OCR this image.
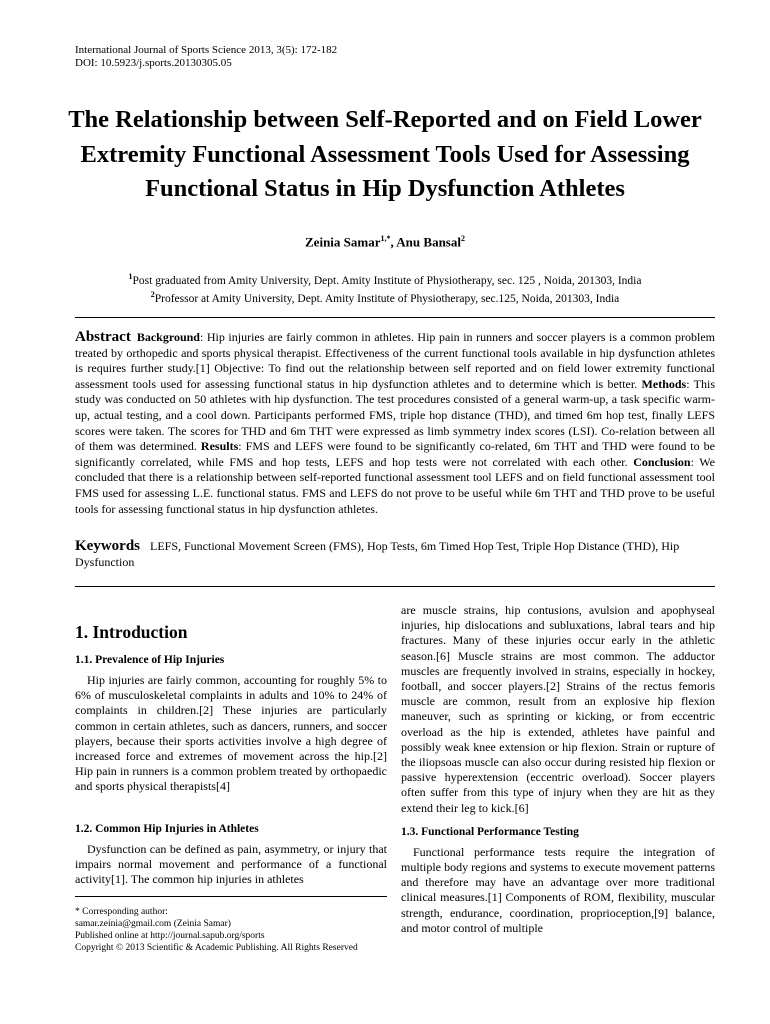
International Journal of Sports Science 2013, 3(5): 172-182
DOI: 10.5923/j.sports.20130305.05
The Relationship between Self-Reported and on Field Lower Extremity Functional Assessment Tools Used for Assessing Functional Status in Hip Dysfunction Athletes
Zeinia Samar$^{1,*}$, Anu Bansal$^2$
$^1$Post graduated from Amity University, Dept. Amity Institute of Physiotherapy, sec. 125 , Noida, 201303, India
$^2$Professor at Amity University, Dept. Amity Institute of Physiotherapy, sec.125, Noida, 201303, India
Abstract Background: Hip injuries are fairly common in athletes. Hip pain in runners and soccer players is a common problem treated by orthopedic and sports physical therapist. Effectiveness of the current functional tools available in hip dysfunction athletes is requires further study.[1] Objective: To find out the relationship between self reported and on field lower extremity functional assessment tools used for assessing functional status in hip dysfunction athletes and to determine which is better. Methods: This study was conducted on 50 athletes with hip dysfunction. The test procedures consisted of a general warm-up, a task specific warm-up, actual testing, and a cool down. Participants performed FMS, triple hop distance (THD), and timed 6m hop test, finally LEFS scores were taken. The scores for THD and 6m THT were expressed as limb symmetry index scores (LSI). Co-relation between all of them was determined. Results: FMS and LEFS were found to be significantly co-related, 6m THT and THD were found to be significantly correlated, while FMS and hop tests, LEFS and hop tests were not correlated with each other. Conclusion: We concluded that there is a relationship between self-reported functional assessment tool LEFS and on field functional assessment tool FMS used for assessing L.E. functional status. FMS and LEFS do not prove to be useful while 6m THT and THD prove to be useful tools for assessing functional status in hip dysfunction athletes.
Keywords LEFS, Functional Movement Screen (FMS), Hop Tests, 6m Timed Hop Test, Triple Hop Distance (THD), Hip Dysfunction
1. Introduction
1.1. Prevalence of Hip Injuries
Hip injuries are fairly common, accounting for roughly 5% to 6% of musculoskeletal complaints in adults and 10% to 24% of complaints in children.[2] These injuries are particularly common in certain athletes, such as dancers, runners, and soccer players, because their sports activities involve a high degree of increased force and extremes of movement across the hip.[2] Hip pain in runners is a common problem treated by orthopaedic and sports physical therapists[4]
1.2. Common Hip Injuries in Athletes
Dysfunction can be defined as pain, asymmetry, or injury that impairs normal movement and performance of a functional activity[1]. The common hip injuries in athletes
* Corresponding author:
samar.zeinia@gmail.com (Zeinia Samar)
Published online at http://journal.sapub.org/sports
Copyright © 2013 Scientific & Academic Publishing. All Rights Reserved
are muscle strains, hip contusions, avulsion and apophyseal injuries, hip dislocations and subluxations, labral tears and hip fractures. Many of these injuries occur early in the athletic season.[6] Muscle strains are most common. The adductor muscles are frequently involved in strains, especially in hockey, football, and soccer players.[2] Strains of the rectus femoris muscle are common, result from an explosive hip flexion maneuver, such as sprinting or kicking, or from eccentric overload as the hip is extended, athletes have painful and possibly weak knee extension or hip flexion. Strain or rupture of the iliopsoas muscle can also occur during resisted hip flexion or passive hyperextension (eccentric overload). Soccer players often suffer from this type of injury when they are hit as they extend their leg to kick.[6]
1.3. Functional Performance Testing
Functional performance tests require the integration of multiple body regions and systems to execute movement patterns and therefore may have an advantage over more traditional clinical measures.[1] Components of ROM, flexibility, muscular strength, endurance, coordination, proprioception,[9] balance, and motor control of multiple
